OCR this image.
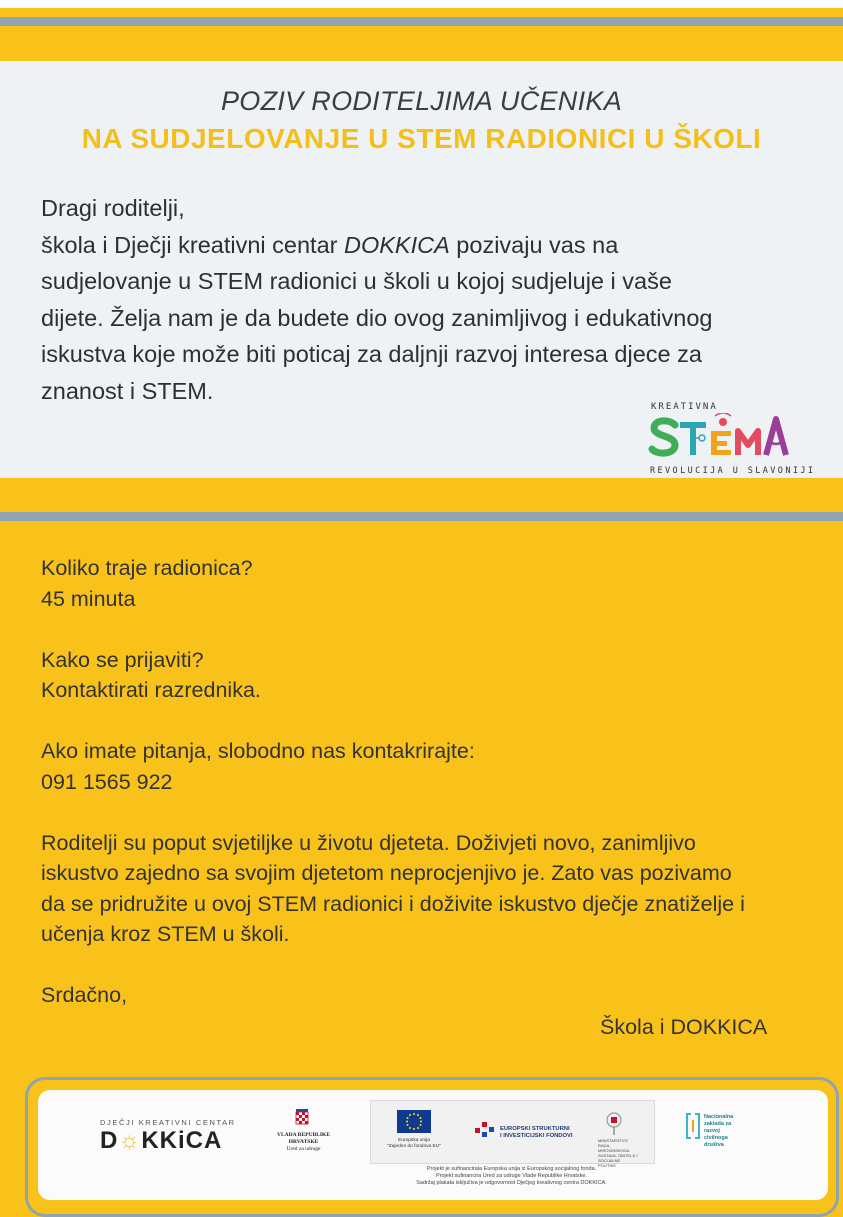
POZIV RODITELJIMA UČENIKA
NA SUDJELOVANJE U STEM RADIONICI U ŠKOLI

Dragi roditelji,

škola i Dječji kreativni centar DOKKICA pozivaju vas na

sudjelovanje u STEM radionici u školi u kojoj sudjeluje i vaše

dijete. Želja nam je da budete dio ovog zanimljivog i edukativnog

iskustva koje može biti poticaj za daljnji razvoj interesa djece za

znanost i STEM.

KREATIVNA
REVOLUCIJA U SLAVONIJI

Koliko traje radionica?

45 minuta

Kako se prijaviti?

Kontaktirati razrednika.

Ako imate pitanja, slobodno nas kontakrirajte:

091 1565 922

Roditelji su poput svjetiljke u životu djeteta. Doživjeti novo, zanimljivo

iskustvo zajedno sa svojim djetetom neprocjenjivo je. Zato vas pozivamo

da se pridružite u ovoj STEM radionici i doživite iskustvo dječje znatiželje i

učenja kroz STEM u školi.

Srdačno,

Škola i DOKKICA
DJEČJI KREATIVNI CENTAR
D☼KKiCA	VLADA REPUBLIKE HRVATSKE
Ured za udruge
Europska unija
"Zajedno do fondova EU"
EUROPSKI STRUKTURNI
I INVESTICIJSKI FONDOVI
MINISTARSTVO RADA, MIROVINSKOGA SUSTAVA, OBITELJI I SOCIJALNE POLITIKE
Nacionalna
zaklada za
razvoj
civilnoga
društva
Projekt je sufinancirala Europska unija iz Europskog socijalnog fonda.
Projekt sufinancira Ured za udruge Vlade Republike Hrvatske.
Sadržaj plakata isključiva je odgovornost Dječjeg kreativnog centra DOKKICA.
